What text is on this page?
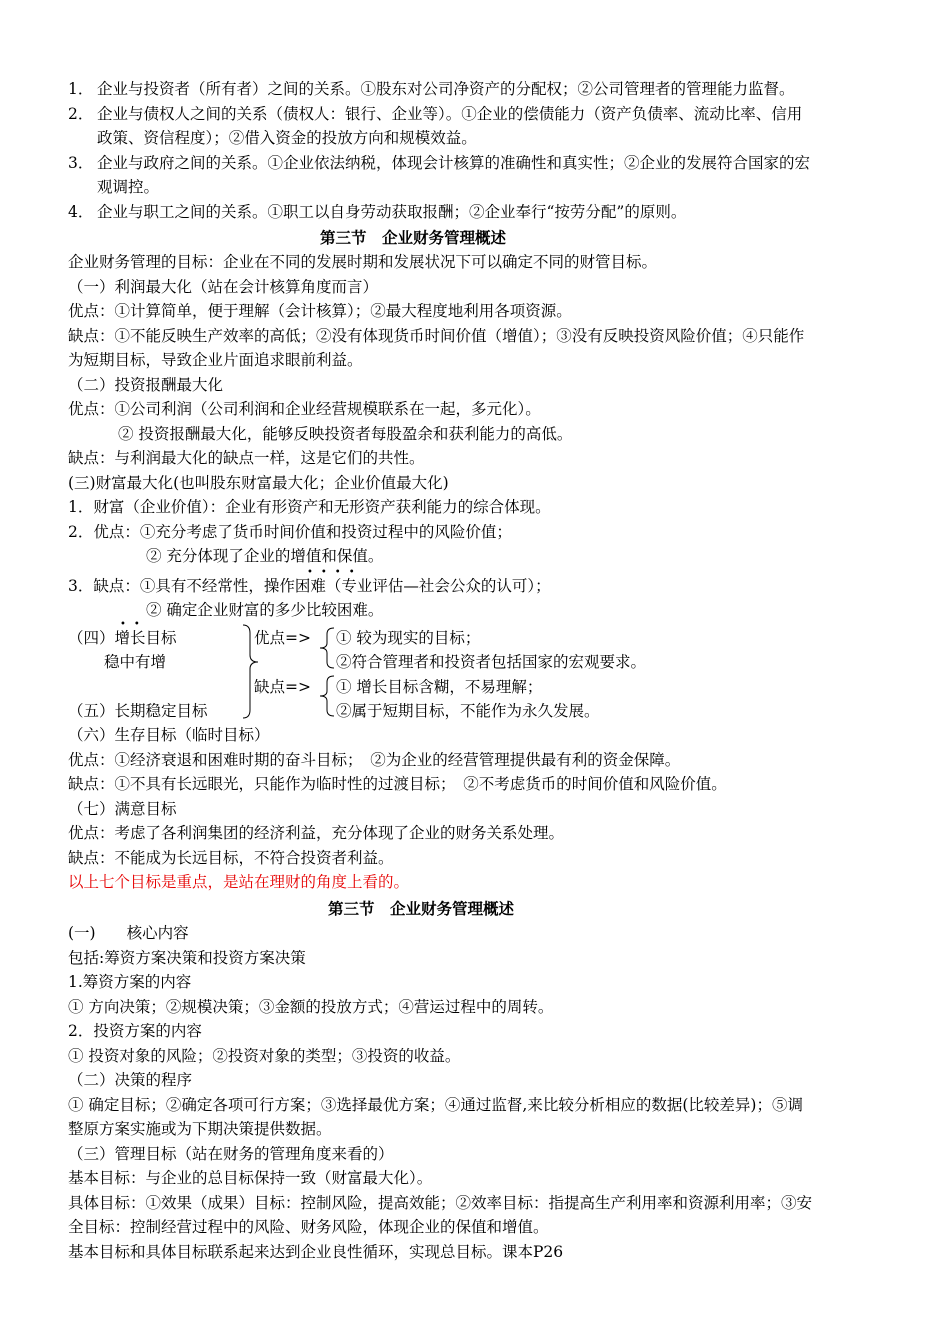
1． 企业与投资者（所有者）之间的关系。①股东对公司净资产的分配权；②公司管理者的管理能力监督。
2． 企业与债权人之间的关系（债权人：银行、企业等）。①企业的偿债能力（资产负债率、流动比率、信用
政策、资信程度）；②借入资金的投放方向和规模效益。
3． 企业与政府之间的关系。①企业依法纳税，体现会计核算的准确性和真实性；②企业的发展符合国家的宏
观调控。
4． 企业与职工之间的关系。①职工以自身劳动获取报酬；②企业奉行“按劳分配”的原则。
第三节　企业财务管理概述
企业财务管理的目标：企业在不同的发展时期和发展状况下可以确定不同的财管目标。
（一）利润最大化（站在会计核算角度而言）
优点：①计算简单，便于理解（会计核算）；②最大程度地利用各项资源。
缺点：①不能反映生产效率的高低；②没有体现货币时间价值（增值）；③没有反映投资风险价值；④只能作
为短期目标，导致企业片面追求眼前利益。
（二）投资报酬最大化
优点：①公司利润（公司利润和企业经营规模联系在一起，多元化）。
② 投资报酬最大化，能够反映投资者每股盈余和获利能力的高低。
缺点：与利润最大化的缺点一样，这是它们的共性。
(三)财富最大化(也叫股东财富最大化；企业价值最大化)
1．财富（企业价值）：企业有形资产和无形资产获利能力的综合体现。
2．优点：①充分考虑了货币时间价值和投资过程中的风险价值；
② 充分体现了企业的增值和保值。
••••
3．缺点：①具有不经常性，操作困难（专业评估—社会公众的认可）；
② 确定企业财富的多少比较困难。
••
（四）增长目标
稳中有增
（五）长期稳定目标
优点=>
缺点=>
① 较为现实的目标；
②符合管理者和投资者包括国家的宏观要求。
① 增长目标含糊，不易理解；
②属于短期目标，不能作为永久发展。
（六）生存目标（临时目标）
优点：①经济衰退和困难时期的奋斗目标；　②为企业的经营管理提供最有利的资金保障。
缺点：①不具有长远眼光，只能作为临时性的过渡目标；　②不考虑货币的时间价值和风险价值。
（七）满意目标
优点：考虑了各利润集团的经济利益，充分体现了企业的财务关系处理。
缺点：不能成为长远目标，不符合投资者利益。
以上七个目标是重点，是站在理财的角度上看的。
第三节　企业财务管理概述
(一)　　核心内容
包括:筹资方案决策和投资方案决策
1.筹资方案的内容
① 方向决策；②规模决策；③金额的投放方式；④营运过程中的周转。
2．投资方案的内容
① 投资对象的风险；②投资对象的类型；③投资的收益。
（二）决策的程序
① 确定目标；②确定各项可行方案；③选择最优方案；④通过监督,来比较分析相应的数据(比较差异)；⑤调
整原方案实施或为下期决策提供数据。
（三）管理目标（站在财务的管理角度来看的）
基本目标：与企业的总目标保持一致（财富最大化）。
具体目标：①效果（成果）目标：控制风险，提高效能；②效率目标：指提高生产利用率和资源利用率；③安
全目标：控制经营过程中的风险、财务风险，体现企业的保值和增值。
基本目标和具体目标联系起来达到企业良性循环，实现总目标。课本P26
